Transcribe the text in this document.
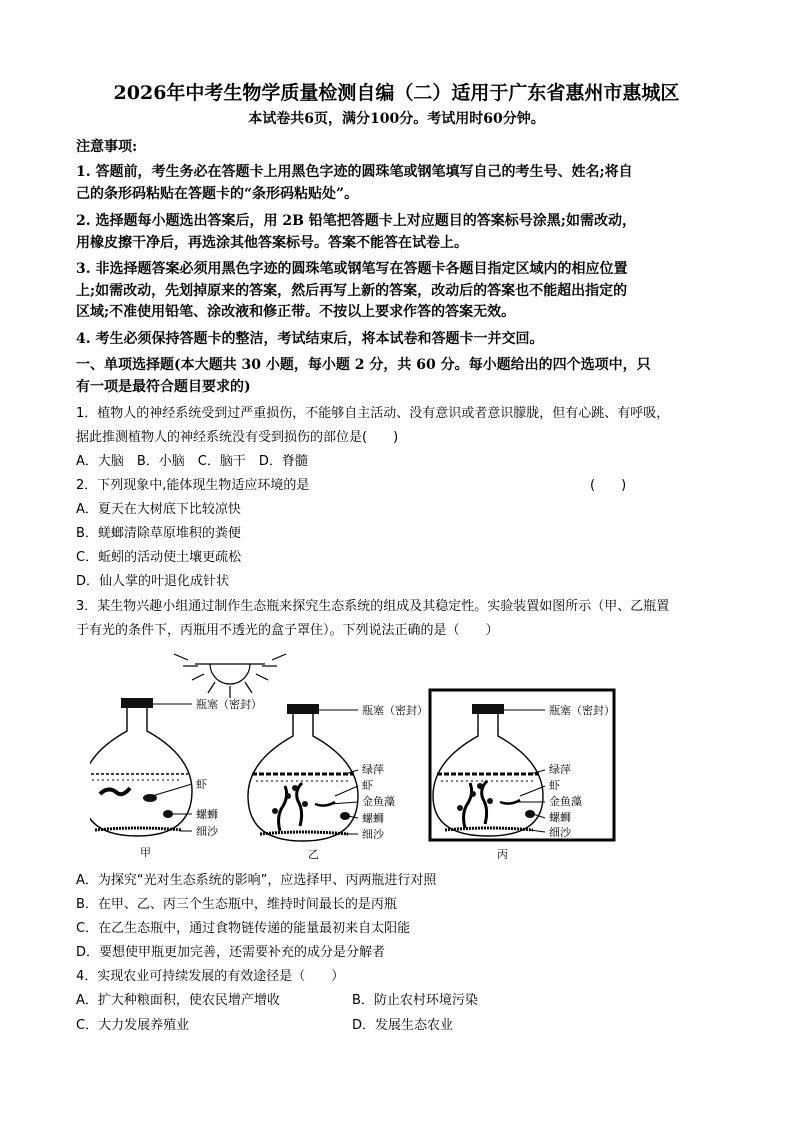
2026年中考生物学质量检测自编（二）适用于广东省惠州市惠城区
本试卷共6页，满分100分。考试用时60分钟。
注意事项:
1. 答题前，考生务必在答题卡上用黑色字迹的圆珠笔或钢笔填写自己的考生号、姓名;将自
己的条形码粘贴在答题卡的“条形码粘贴处”。
2. 选择题每小题选出答案后，用 2B 铅笔把答题卡上对应题目的答案标号涂黑;如需改动，
用橡皮擦干净后，再选涂其他答案标号。答案不能答在试卷上。
3. 非选择题答案必须用黑色字迹的圆珠笔或钢笔写在答题卡各题目指定区域内的相应位置
上;如需改动，先划掉原来的答案，然后再写上新的答案，改动后的答案也不能超出指定的
区域;不准使用铅笔、涂改液和修正带。不按以上要求作答的答案无效。
4. 考生必须保持答题卡的整洁，考试结束后，将本试卷和答题卡一并交回。
一、单项选择题(本大题共 30 小题，每小题 2 分，共 60 分。每小题给出的四个选项中，只
有一项是最符合题目要求的)
1．植物人的神经系统受到过严重损伤，不能够自主活动、没有意识或者意识朦胧，但有心跳、有呼吸，
据此推测植物人的神经系统没有受到损伤的部位是(　　)
A．大脑　B．小脑　C．脑干　D．脊髓
2．下列现象中,能体现生物适应环境的是	(　　)
A．夏天在大树底下比较凉快
B．蜣螂清除草原堆积的粪便
C．蚯蚓的活动使土壤更疏松
D．仙人掌的叶退化成针状
3．某生物兴趣小组通过制作生态瓶来探究生态系统的组成及其稳定性。实验装置如图所示（甲、乙瓶置
于有光的条件下，丙瓶用不透光的盒子罩住）。下列说法正确的是（　　）
瓶塞（密封）
虾
螺蛳
细沙
甲
瓶塞（密封）
绿萍
虾
金鱼藻
螺蛳
细沙
乙
瓶塞（密封）
绿萍
虾
金鱼藻
螺蛳
细沙
丙
A．为探究“光对生态系统的影响”，应选择甲、丙两瓶进行对照
B．在甲、乙、丙三个生态瓶中，维持时间最长的是丙瓶
C．在乙生态瓶中，通过食物链传递的能量最初来自太阳能
D．要想使甲瓶更加完善，还需要补充的成分是分解者
4．实现农业可持续发展的有效途径是（　　）
A．扩大种粮面积，使农民增产增收	B．防止农村环境污染
C．大力发展养殖业	D．发展生态农业
